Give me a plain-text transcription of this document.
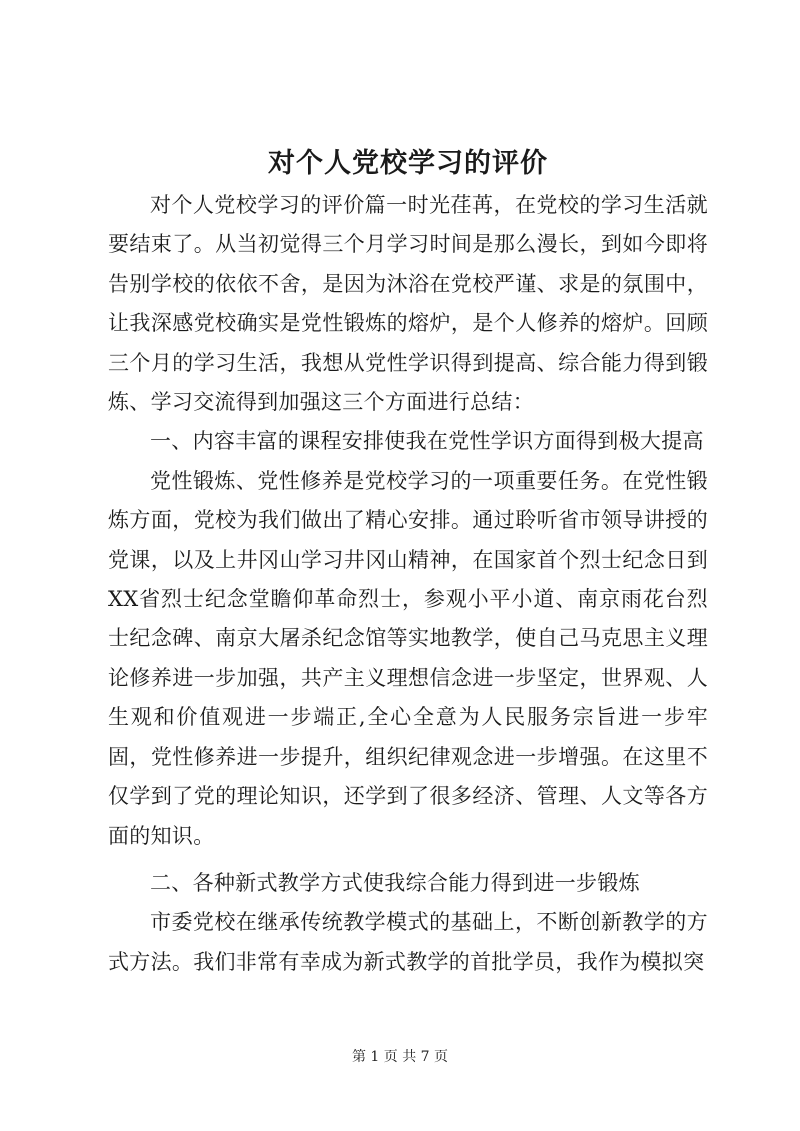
对个人党校学习的评价

对个人党校学习的评价篇一时光荏苒，在党校的学习生活就要结束了。从当初觉得三个月学习时间是那么漫长，到如今即将告别学校的依依不舍，是因为沐浴在党校严谨、求是的氛围中，让我深感党校确实是党性锻炼的熔炉，是个人修养的熔炉。回顾三个月的学习生活，我想从党性学识得到提高、综合能力得到锻炼、学习交流得到加强这三个方面进行总结：

一、内容丰富的课程安排使我在党性学识方面得到极大提高

党性锻炼、党性修养是党校学习的一项重要任务。在党性锻炼方面，党校为我们做出了精心安排。通过聆听省市领导讲授的党课，以及上井冈山学习井冈山精神，在国家首个烈士纪念日到XX省烈士纪念堂瞻仰革命烈士，参观小平小道、南京雨花台烈士纪念碑、南京大屠杀纪念馆等实地教学，使自己马克思主义理论修养进一步加强，共产主义理想信念进一步坚定，世界观、人生观和价值观进一步端正,全心全意为人民服务宗旨进一步牢固，党性修养进一步提升，组织纪律观念进一步增强。在这里不仅学到了党的理论知识，还学到了很多经济、管理、人文等各方面的知识。

二、各种新式教学方式使我综合能力得到进一步锻炼

市委党校在继承传统教学模式的基础上，不断创新教学的方式方法。我们非常有幸成为新式教学的首批学员，我作为模拟突

第 1 页 共 7 页
